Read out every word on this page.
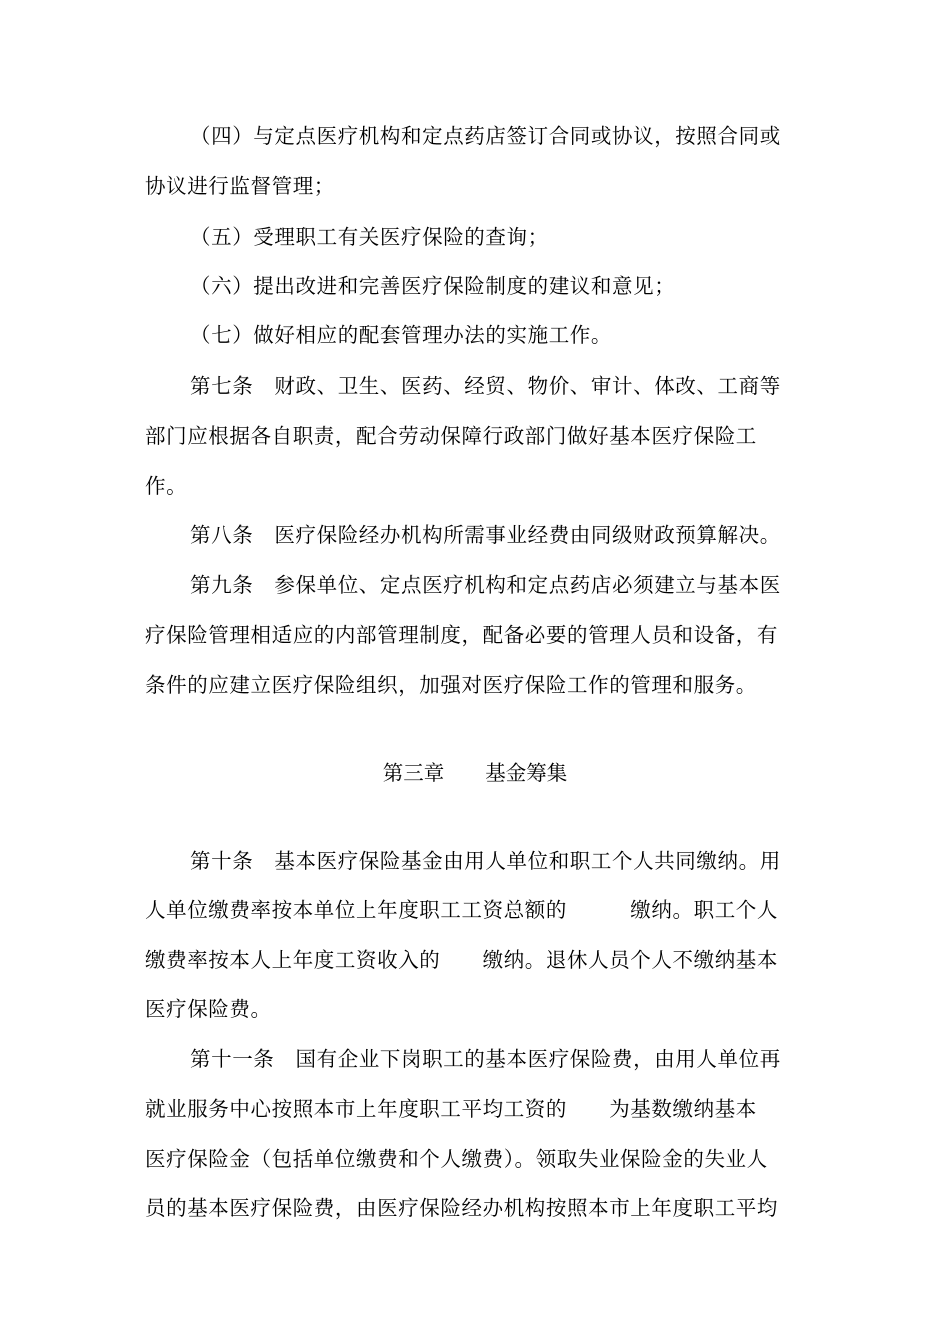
（四）与定点医疗机构和定点药店签订合同或协议，按照合同或
协议进行监督管理；
（五）受理职工有关医疗保险的查询；
（六）提出改进和完善医疗保险制度的建议和意见；
（七）做好相应的配套管理办法的实施工作。
第七条　财政、卫生、医药、经贸、物价、审计、体改、工商等
部门应根据各自职责，配合劳动保障行政部门做好基本医疗保险工
作。
第八条　医疗保险经办机构所需事业经费由同级财政预算解决。
第九条　参保单位、定点医疗机构和定点药店必须建立与基本医
疗保险管理相适应的内部管理制度，配备必要的管理人员和设备，有
条件的应建立医疗保险组织，加强对医疗保险工作的管理和服务。
第三章　　基金筹集
第十条　基本医疗保险基金由用人单位和职工个人共同缴纳。用
人单位缴费率按本单位上年度职工工资总额的　　　缴纳。职工个人
缴费率按本人上年度工资收入的　　缴纳。退休人员个人不缴纳基本
医疗保险费。
第十一条　国有企业下岗职工的基本医疗保险费，由用人单位再
就业服务中心按照本市上年度职工平均工资的　　为基数缴纳基本
医疗保险金（包括单位缴费和个人缴费）。领取失业保险金的失业人
员的基本医疗保险费，由医疗保险经办机构按照本市上年度职工平均
